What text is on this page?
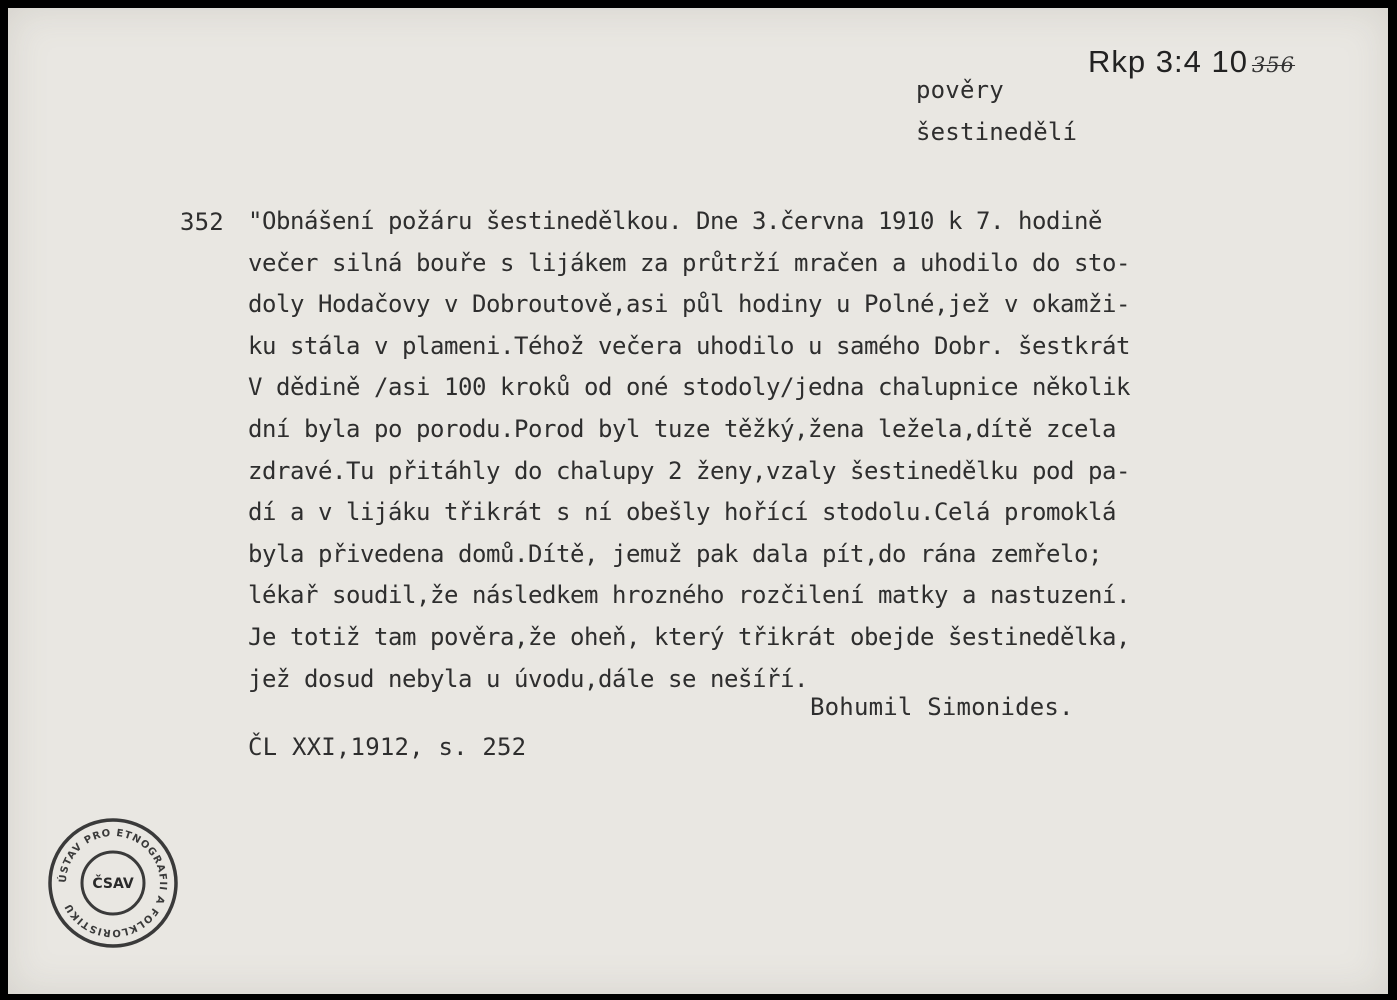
Rkp 3:4 10 356
pověry
šestinedělí
352 "Obnášení požáru šestinedělkou. Dne 3.června 1910 k 7. hodině
večer silná bouře s lijákem za průtrží mračen a uhodilo do sto-
doly Hodačovy v Dobroutově,asi půl hodiny u Polné,jež v okamži-
ku stála v plameni.Téhož večera uhodilo u samého Dobr. šestkrát
V dědině /asi 100 kroků od oné stodoly/jedna chalupnice několik
dní byla po porodu.Porod byl tuze těžký,žena ležela,dítě zcela
zdravé.Tu přitáhly do chalupy 2 ženy,vzaly šestinedělku pod pa-
dí a v lijáku třikrát s ní obešly hořící stodolu.Celá promoklá
byla přivedena domů.Dítě, jemuž pak dala pít,do rána zemřelo;
lékař soudil,že následkem hrozného rozčilení matky a nastuzení.
Je totiž tam pověra,že oheň, který třikrát obejde šestinedělka,
jež dosud nebyla u úvodu,dále se nešíří.
Bohumil Simonides.
ČL XXI,1912, s. 252
ÚSTAV PRO ETNOGRAFII A FOLKLORISTIKU
ČSAV
